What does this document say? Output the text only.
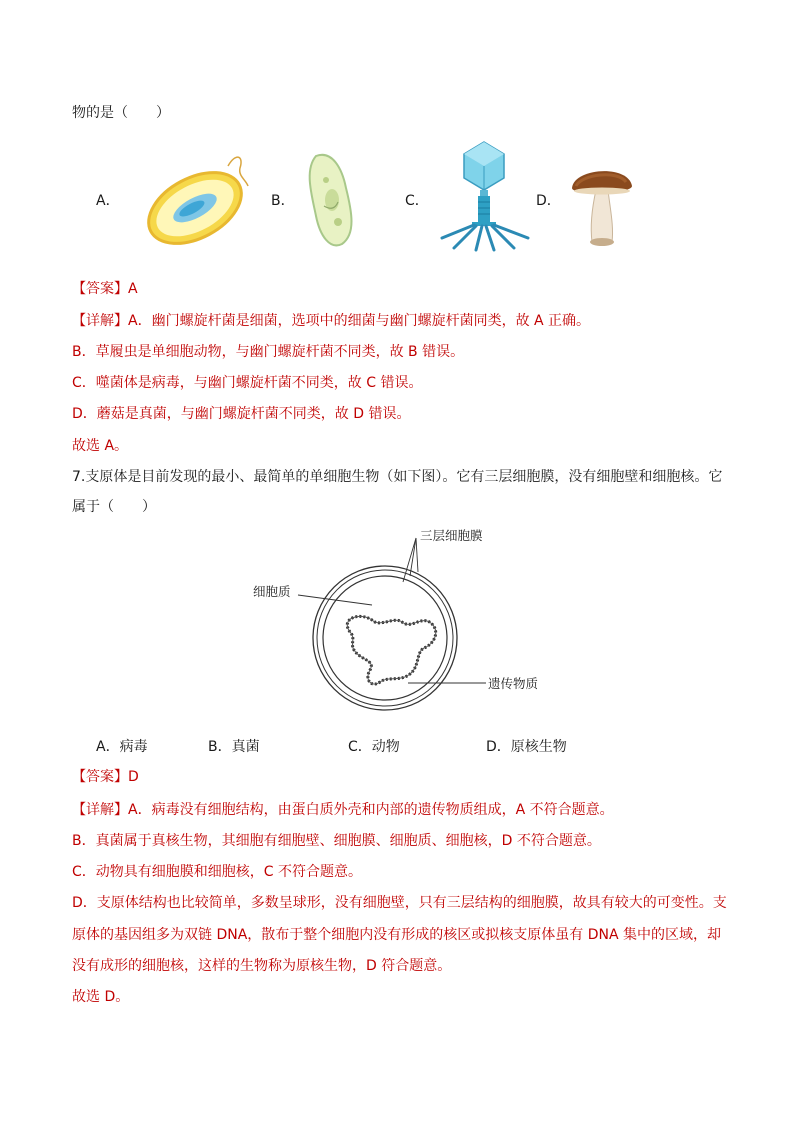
物的是（　　）
A．	B．	C．	D．
【答案】A
【详解】A．幽门螺旋杆菌是细菌，选项中的细菌与幽门螺旋杆菌同类，故 A 正确。
B．草履虫是单细胞动物，与幽门螺旋杆菌不同类，故 B 错误。
C．噬菌体是病毒，与幽门螺旋杆菌不同类，故 C 错误。
D．蘑菇是真菌，与幽门螺旋杆菌不同类，故 D 错误。
故选 A。
7.支原体是目前发现的最小、最简单的单细胞生物（如下图）。它有三层细胞膜，没有细胞壁和细胞核。它
属于（　　）
三层细胞膜
细胞质
遗传物质
A．病毒	B．真菌	C．动物	D．原核生物
【答案】D
【详解】A．病毒没有细胞结构，由蛋白质外壳和内部的遗传物质组成，A 不符合题意。
B．真菌属于真核生物，其细胞有细胞壁、细胞膜、细胞质、细胞核，D 不符合题意。
C．动物具有细胞膜和细胞核，C 不符合题意。
D．支原体结构也比较简单，多数呈球形，没有细胞壁，只有三层结构的细胞膜，故具有较大的可变性。支
原体的基因组多为双链 DNA，散布于整个细胞内没有形成的核区或拟核支原体虽有 DNA 集中的区域，却
没有成形的细胞核，这样的生物称为原核生物，D 符合题意。
故选 D。
